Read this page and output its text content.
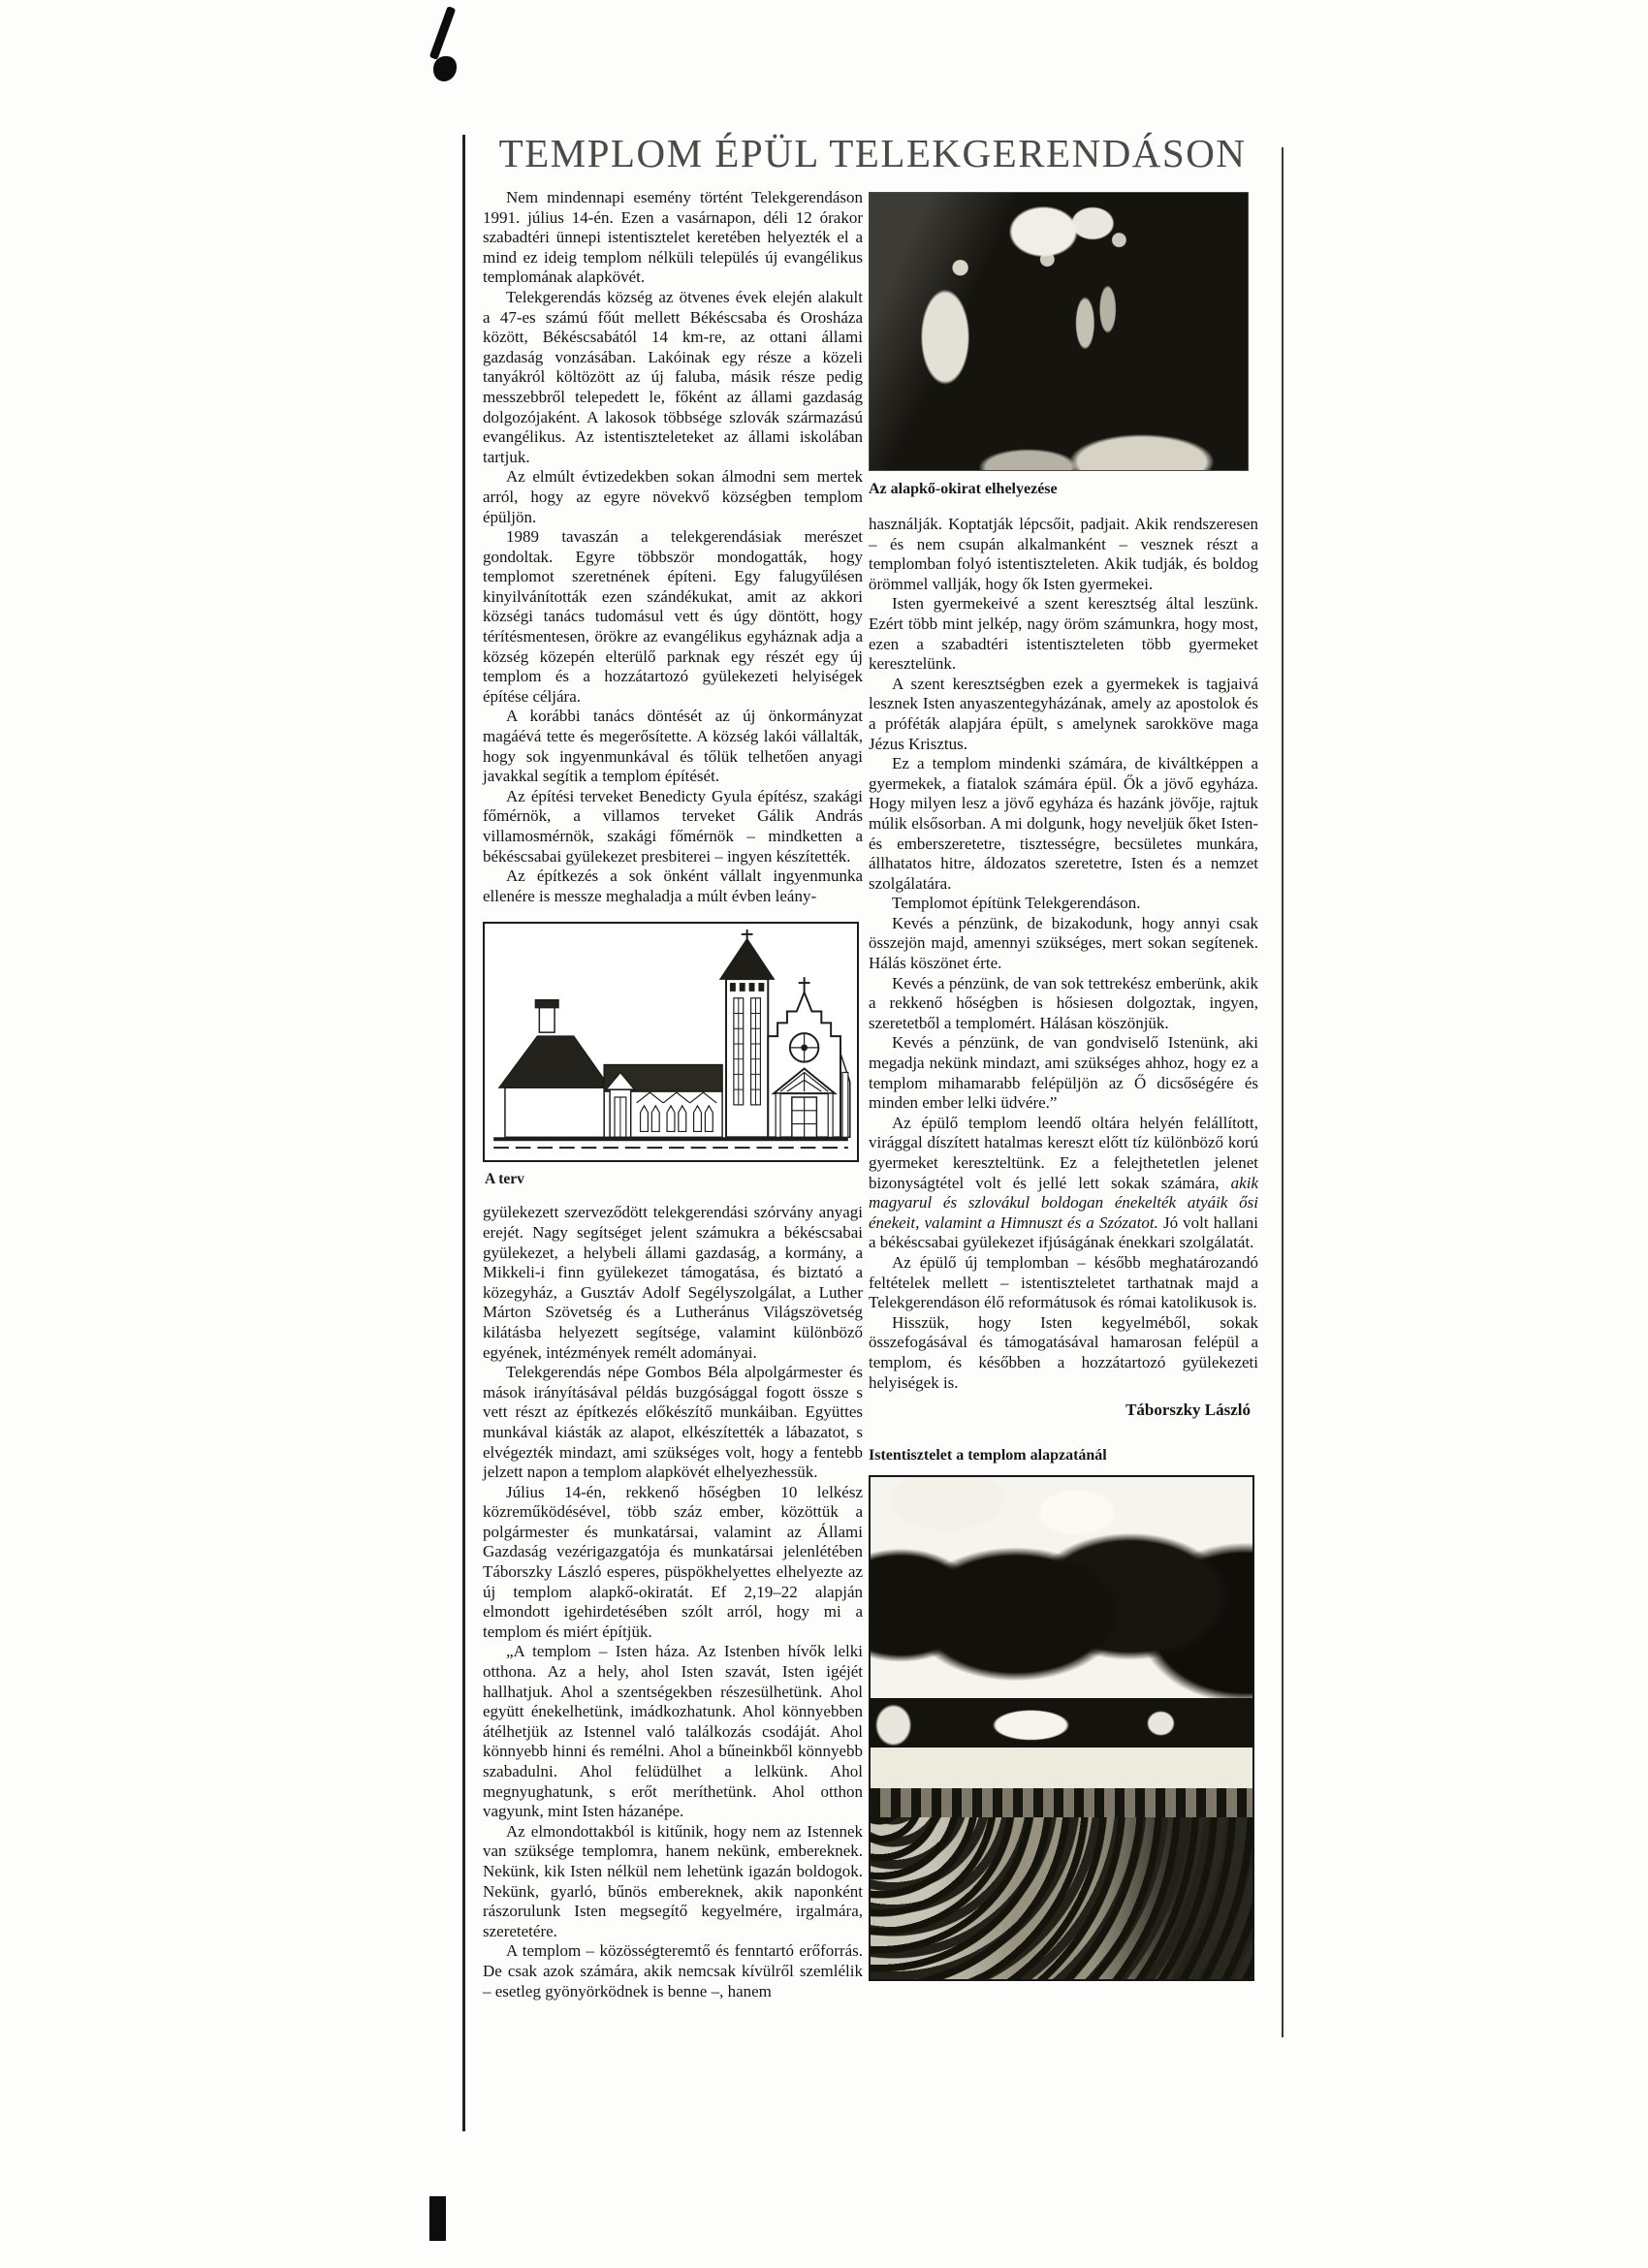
TEMPLOM ÉPÜL TELEKGERENDÁSON

Nem mindennapi esemény történt Telekgerendáson 1991. július 14-én. Ezen a vasárnapon, déli 12 órakor szabadtéri ünnepi istentisztelet keretében helyezték el a mind ez ideig templom nélküli település új evangélikus templomának alapkövét.

Telekgerendás község az ötvenes évek elején alakult a 47-es számú főút mellett Békéscsaba és Orosháza között, Békéscsabától 14 km-re, az ottani állami gazdaság vonzásában. Lakóinak egy része a közeli tanyákról költözött az új faluba, másik része pedig messzebbről telepedett le, főként az állami gazdaság dolgozójaként. A lakosok többsége szlovák származású evangélikus. Az istentiszteleteket az állami iskolában tartjuk.

Az elmúlt évtizedekben sokan álmodni sem mertek arról, hogy az egyre növekvő községben templom épüljön.

1989 tavaszán a telekgerendásiak merészet gondoltak. Egyre többször mondogatták, hogy templomot szeretnének építeni. Egy falugyűlésen kinyilvánították ezen szándékukat, amit az akkori községi tanács tudomásul vett és úgy döntött, hogy térítésmentesen, örökre az evangélikus egyháznak adja a község közepén elterülő parknak egy részét egy új templom és a hozzátartozó gyülekezeti helyiségek építése céljára.

A korábbi tanács döntését az új önkormányzat magáévá tette és megerősítette. A község lakói vállalták, hogy sok ingyenmunkával és tőlük telhetően anyagi javakkal segítik a templom építését.

Az építési terveket Benedicty Gyula építész, szakági főmérnök, a villamos terveket Gálik András villamosmérnök, szakági főmérnök – mindketten a békéscsabai gyülekezet presbiterei – ingyen készítették.

Az építkezés a sok önként vállalt ingyenmunka ellenére is messze meghaladja a múlt évben leány-

A terv

gyülekezett szerveződött telekgerendási szórvány anyagi erejét. Nagy segítséget jelent számukra a békéscsabai gyülekezet, a helybeli állami gazdaság, a kormány, a Mikkeli-i finn gyülekezet támogatása, és biztató a közegyház, a Gusztáv Adolf Segélyszolgálat, a Luther Márton Szövetség és a Lutheránus Világszövetség kilátásba helyezett segítsége, valamint különböző egyének, intézmények remélt adományai.

Telekgerendás népe Gombos Béla alpolgármester és mások irányításával példás buzgósággal fogott össze s vett részt az építkezés előkészítő munkáiban. Együttes munkával kiásták az alapot, elkészítették a lábazatot, s elvégezték mindazt, ami szükséges volt, hogy a fentebb jelzett napon a templom alapkövét elhelyezhessük.

Július 14-én, rekkenő hőségben 10 lelkész közreműködésével, több száz ember, közöttük a polgármester és munkatársai, valamint az Állami Gazdaság vezérigazgatója és munkatársai jelenlétében Táborszky László esperes, püspökhelyettes elhelyezte az új templom alapkő-okiratát. Ef 2,19–22 alapján elmondott igehirdetésében szólt arról, hogy mi a templom és miért építjük.

„A templom – Isten háza. Az Istenben hívők lelki otthona. Az a hely, ahol Isten szavát, Isten igéjét hallhatjuk. Ahol a szentségekben részesülhetünk. Ahol együtt énekelhetünk, imádkozhatunk. Ahol könnyebben átélhetjük az Istennel való találkozás csodáját. Ahol könnyebb hinni és remélni. Ahol a bűneinkből könnyebb szabadulni. Ahol felüdülhet a lelkünk. Ahol megnyughatunk, s erőt meríthetünk. Ahol otthon vagyunk, mint Isten házanépe.

Az elmondottakból is kitűnik, hogy nem az Istennek van szüksége templomra, hanem nekünk, embereknek. Nekünk, kik Isten nélkül nem lehetünk igazán boldogok. Nekünk, gyarló, bűnös embereknek, akik naponként rászorulunk Isten megsegítő kegyelmére, irgalmára, szeretetére.

A templom – közösségteremtő és fenntartó erőforrás. De csak azok számára, akik nemcsak kívülről szemlélik – esetleg gyönyörködnek is benne –, hanem

Az alapkő-okirat elhelyezése

használják. Koptatják lépcsőit, padjait. Akik rendszeresen – és nem csupán alkalmanként – vesznek részt a templomban folyó istentiszteleten. Akik tudják, és boldog örömmel vallják, hogy ők Isten gyermekei.

Isten gyermekeivé a szent keresztség által leszünk. Ezért több mint jelkép, nagy öröm számunkra, hogy most, ezen a szabadtéri istentiszteleten több gyermeket keresztelünk.

A szent keresztségben ezek a gyermekek is tagjaivá lesznek Isten anyaszentegyházának, amely az apostolok és a próféták alapjára épült, s amelynek sarokköve maga Jézus Krisztus.

Ez a templom mindenki számára, de kiváltképpen a gyermekek, a fiatalok számára épül. Ők a jövő egyháza. Hogy milyen lesz a jövő egyháza és hazánk jövője, rajtuk múlik elsősorban. A mi dolgunk, hogy neveljük őket Isten- és emberszeretetre, tisztességre, becsületes munkára, állhatatos hitre, áldozatos szeretetre, Isten és a nemzet szolgálatára.

Templomot építünk Telekgerendáson.

Kevés a pénzünk, de bizakodunk, hogy annyi csak összejön majd, amennyi szükséges, mert sokan segítenek. Hálás köszönet érte.

Kevés a pénzünk, de van sok tettrekész emberünk, akik a rekkenő hőségben is hősiesen dolgoztak, ingyen, szeretetből a templomért. Hálásan köszönjük.

Kevés a pénzünk, de van gondviselő Istenünk, aki megadja nekünk mindazt, ami szükséges ahhoz, hogy ez a templom mihamarabb felépüljön az Ő dicsőségére és minden ember lelki üdvére.”

Az épülő templom leendő oltára helyén felállított, virággal díszített hatalmas kereszt előtt tíz különböző korú gyermeket kereszteltünk. Ez a felejthetetlen jelenet bizonyságtétel volt és jellé lett sokak számára, akik magyarul és szlovákul boldogan énekelték atyáik ősi énekeit, valamint a Himnuszt és a Szózatot. Jó volt hallani a békéscsabai gyülekezet ifjúságának énekkari szolgálatát.

Az épülő új templomban – később meghatározandó feltételek mellett – istentiszteletet tarthatnak majd a Telekgerendáson élő reformátusok és római katolikusok is.

Hisszük, hogy Isten kegyelméből, sokak összefogásával és támogatásával hamarosan felépül a templom, és későbben a hozzátartozó gyülekezeti helyiségek is.

Táborszky László
Istentisztelet a templom alapzatánál
